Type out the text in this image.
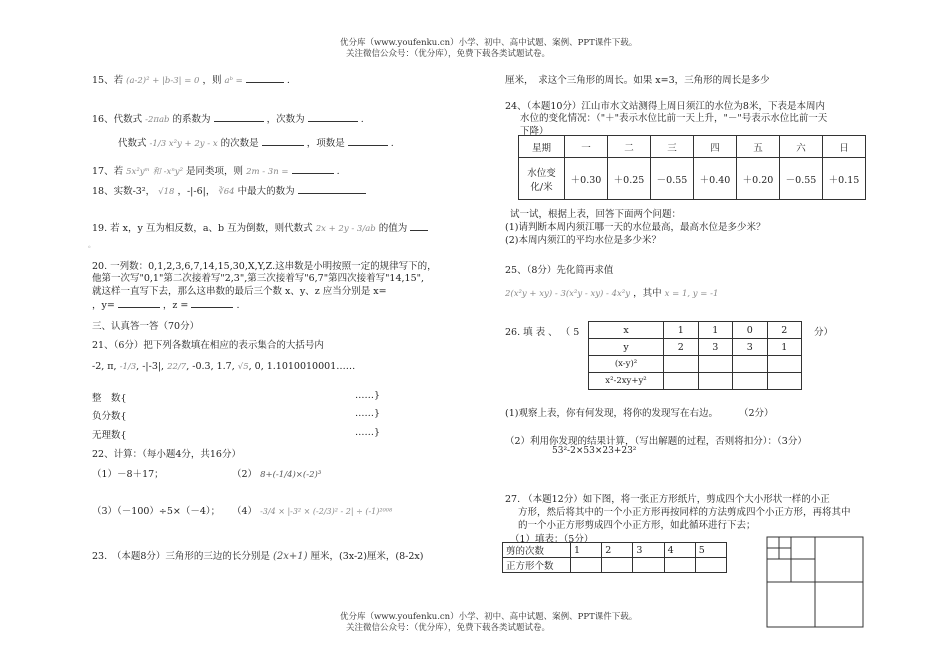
优分库（www.youfenku.cn）小学、初中、高中试题、案例、PPT课件下载。
关注微信公众号：（优分库），免费下载各类试题试卷。
15、若 (a-2)² + |b-3| = 0 ，则 aᵇ =	.
16、代数式 -2πab 的系数为	，次数为	.
代数式 -1/3 x²y + 2y - x 的次数是	，项数是	.
17、若 5x²yᵐ 和 -xⁿy² 是同类项，则 2m - 3n =	.
18、实数-3²， √18 ，-|-6|， ∛64 中最大的数为
19. 若 x，y 互为相反数，a、b 互为倒数，则代数式 2x + 2y - 3/ab 的值为
。
20. 一列数：0,1,2,3,6,7,14,15,30,X,Y,Z.这串数是小明按照一定的规律写下的，
他第一次写"0,1"第二次接着写"2,3",第三次接着写"6,7"第四次接着写"14,15",
就这样一直写下去，那么这串数的最后三个数 x、y、z 应当分别是 x=
，y=	，z =	.
三、认真答一答（70分）
21、（6分）把下列各数填在相应的表示集合的大括号内
-2, π, -1/3, -|-3|, 22/7, -0.3, 1.7, √5, 0, 1.1010010001……
整　数{	……}
负分数{	……}
无理数{	……}
22、计算：（每小题4分，共16分）
（1）－8＋17；	（2） 8+(-1/4)×(-2)³
（3）（－100）÷5×（－4）； （4） -3/4 × |-3² × (-2/3)² - 2| ÷ (-1)²⁰⁰⁸
23.　（本题8分）三角形的三边的长分别是 (2x+1) 厘米，(3x-2)厘米，(8-2x)
厘米，　求这个三角形的周长。如果 x=3，三角形的周长是多少
24、（本题10分）江山市水文站测得上周日须江的水位为8米，下表是本周内
水位的变化情况：（"＋"表示水位比前一天上升，"－"号表示水位比前一天
下降）
星期	一	二	三	四	五	六	日
水位变
化/米	＋0.30	＋0.25	－0.55	＋0.40	＋0.20	－0.55	＋0.15
试一试，根据上表，回答下面两个问题：
(1)请判断本周内须江哪一天的水位最高，最高水位是多少米？
(2)本周内须江的平均水位是多少米？
25、（8分）先化简再求值
2(x²y + xy) - 3(x²y - xy) - 4x²y ，其中 x = 1, y = -1
26. 填 表 、 （ 5	分）
x	1	1	0	2
y	2	3	3	1
(x-y)²				
x²-2xy+y²				
(1)观察上表，你有何发现，将你的发现写在右边。 （2分）
（2）利用你发现的结果计算，（写出解题的过程，否则将扣分）：（3分）
53²-2×53×23+23²
27. （本题12分）如下图，将一张正方形纸片，剪成四个大小形状一样的小正
方形，然后将其中的一个小正方形再按同样的方法剪成四个小正方形，再将其中
的一个小正方形剪成四个小正方形，如此循环进行下去；
（1）填表：（5分）
剪的次数	1	2	3	4	5
正方形个数					
优分库（www.youfenku.cn）小学、初中、高中试题、案例、PPT课件下载。
关注微信公众号：（优分库），免费下载各类试题试卷。
